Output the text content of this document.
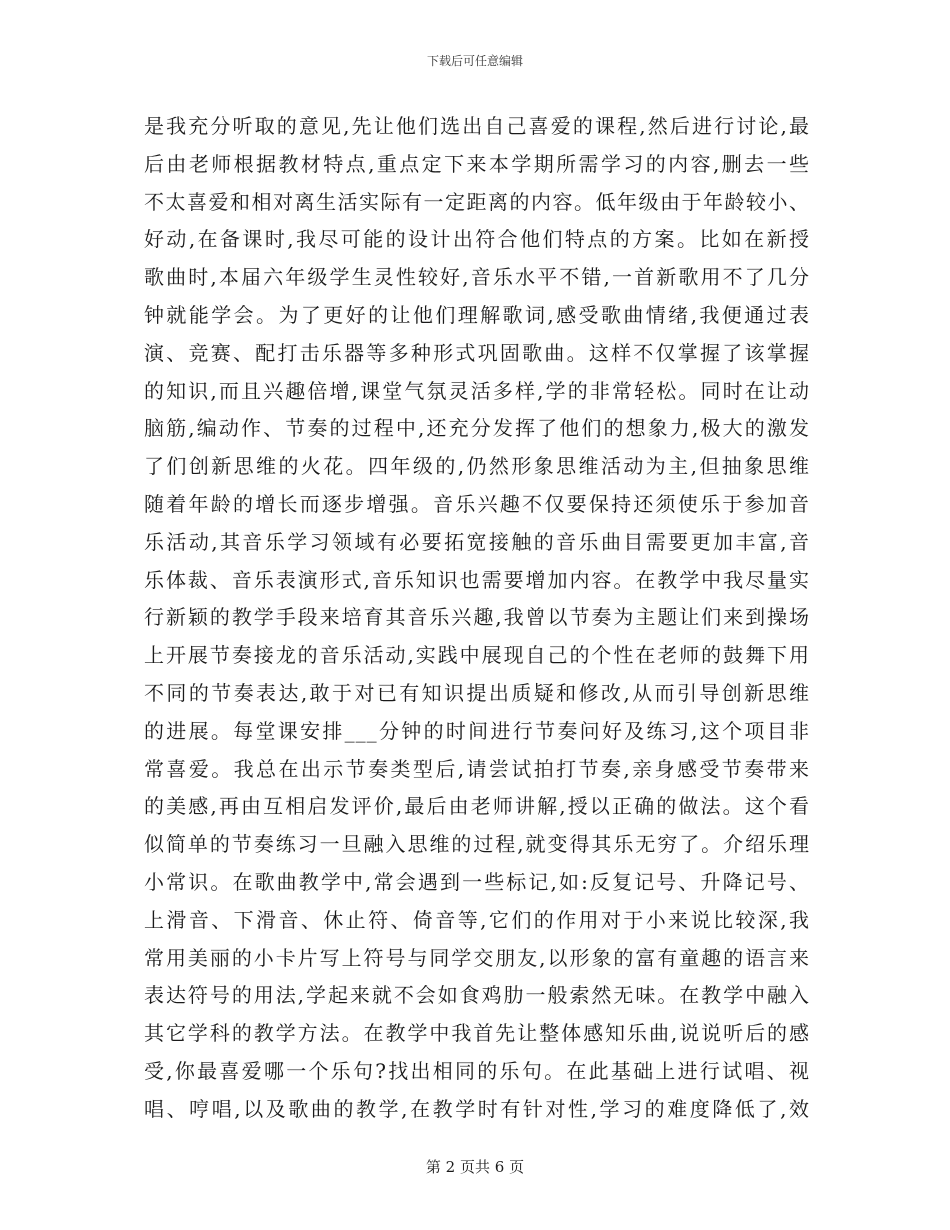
下载后可任意编辑
是我充分听取的意见,先让他们选出自己喜爱的课程,然后进行讨论,最
后由老师根据教材特点,重点定下来本学期所需学习的内容,删去一些
不太喜爱和相对离生活实际有一定距离的内容。低年级由于年龄较小、
好动,在备课时,我尽可能的设计出符合他们特点的方案。比如在新授
歌曲时,本届六年级学生灵性较好,音乐水平不错,一首新歌用不了几分
钟就能学会。为了更好的让他们理解歌词,感受歌曲情绪,我便通过表
演、竞赛、配打击乐器等多种形式巩固歌曲。这样不仅掌握了该掌握
的知识,而且兴趣倍增,课堂气氛灵活多样,学的非常轻松。同时在让动
脑筋,编动作、节奏的过程中,还充分发挥了他们的想象力,极大的激发
了们创新思维的火花。四年级的,仍然形象思维活动为主,但抽象思维
随着年龄的增长而逐步增强。音乐兴趣不仅要保持还须使乐于参加音
乐活动,其音乐学习领域有必要拓宽接触的音乐曲目需要更加丰富,音
乐体裁、音乐表演形式,音乐知识也需要增加内容。在教学中我尽量实
行新颖的教学手段来培育其音乐兴趣,我曾以节奏为主题让们来到操场
上开展节奏接龙的音乐活动,实践中展现自己的个性在老师的鼓舞下用
不同的节奏表达,敢于对已有知识提出质疑和修改,从而引导创新思维
的进展。每堂课安排___分钟的时间进行节奏问好及练习,这个项目非
常喜爱。我总在出示节奏类型后,请尝试拍打节奏,亲身感受节奏带来
的美感,再由互相启发评价,最后由老师讲解,授以正确的做法。这个看
似简单的节奏练习一旦融入思维的过程,就变得其乐无穷了。介绍乐理
小常识。在歌曲教学中,常会遇到一些标记,如:反复记号、升降记号、
上滑音、下滑音、休止符、倚音等,它们的作用对于小来说比较深,我
常用美丽的小卡片写上符号与同学交朋友,以形象的富有童趣的语言来
表达符号的用法,学起来就不会如食鸡肋一般索然无味。在教学中融入
其它学科的教学方法。在教学中我首先让整体感知乐曲,说说听后的感
受,你最喜爱哪一个乐句?找出相同的乐句。在此基础上进行试唱、视
唱、哼唱,以及歌曲的教学,在教学时有针对性,学习的难度降低了,效
第 2 页共 6 页
